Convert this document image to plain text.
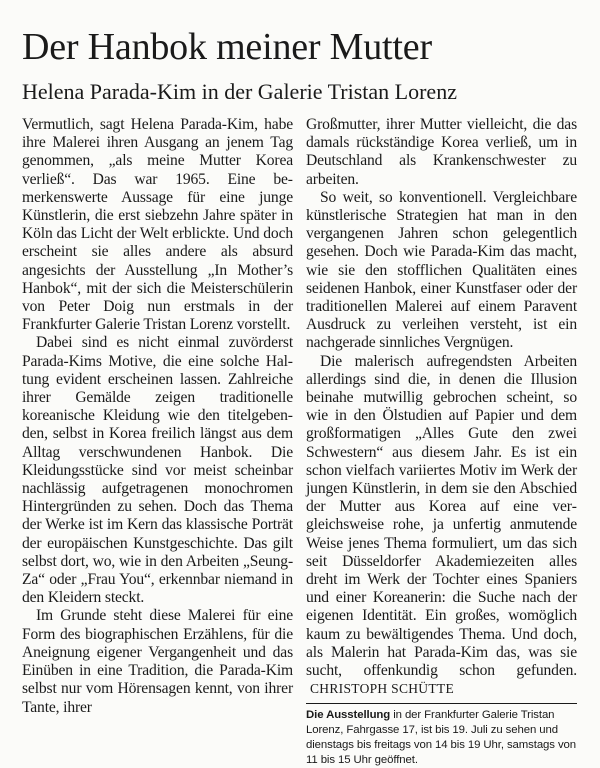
Der Hanbok meiner Mutter
Helena Parada-Kim in der Galerie Tristan Lorenz

Vermutlich, sagt Helena Parada-Kim, habe ihre Malerei ihren Ausgang an jenem Tag genommen, „als meine Mutter Korea verließ“. Das war 1965. Eine bemerkenswerte Aussage für eine junge Künstlerin, die erst siebzehn Jahre später in Köln das Licht der Welt erblickte. Und doch erscheint sie alles andere als absurd angesichts der Ausstellung „In Mother’s Hanbok“, mit der sich die Meisterschülerin von Peter Doig nun erstmals in der Frankfurter Galerie Tristan Lorenz vorstellt.

Dabei sind es nicht einmal zuvörderst Parada-Kims Motive, die eine solche Haltung evident erscheinen lassen. Zahlreiche ihrer Gemälde zeigen traditionelle koreanische Kleidung wie den titelgebenden, selbst in Korea freilich längst aus dem Alltag verschwundenen Hanbok. Die Kleidungsstücke sind vor meist scheinbar nachlässig aufgetragenen monochromen Hintergründen zu sehen. Doch das Thema der Werke ist im Kern das klassische Porträt der europäischen Kunstgeschichte. Das gilt selbst dort, wo, wie in den Arbeiten „Seung-Za“ oder „Frau You“, erkennbar niemand in den Kleidern steckt.

Im Grunde steht diese Malerei für eine Form des biographischen Erzählens, für die Aneignung eigener Vergangenheit und das Einüben in eine Tradition, die Parada-Kim selbst nur vom Hörensagen kennt, von ihrer Tante, ihrer

Großmutter, ihrer Mutter vielleicht, die das damals rückständige Korea verließ, um in Deutschland als Krankenschwester zu arbeiten.

So weit, so konventionell. Vergleichbare künstlerische Strategien hat man in den vergangenen Jahren schon gelegentlich gesehen. Doch wie Parada-Kim das macht, wie sie den stofflichen Qualitäten eines seidenen Hanbok, einer Kunstfaser oder der traditionellen Malerei auf einem Paravent Ausdruck zu verleihen versteht, ist ein nachgerade sinnliches Vergnügen.

Die malerisch aufregendsten Arbeiten allerdings sind die, in denen die Illusion beinahe mutwillig gebrochen scheint, so wie in den Ölstudien auf Papier und dem großformatigen „Alles Gute den zwei Schwestern“ aus diesem Jahr. Es ist ein schon vielfach variiertes Motiv im Werk der jungen Künstlerin, in dem sie den Abschied der Mutter aus Korea auf eine vergleichsweise rohe, ja unfertig anmutende Weise jenes Thema formuliert, um das sich seit Düsseldorfer Akademiezeiten alles dreht im Werk der Tochter eines Spaniers und einer Koreanerin: die Suche nach der eigenen Identität. Ein großes, womöglich kaum zu bewältigendes Thema. Und doch, als Malerin hat Parada-Kim das, was sie sucht, offenkundig schon gefunden. CHRISTOPH SCHÜTTE

Die Ausstellung in der Frankfurter Galerie Tristan Lorenz, Fahrgasse 17, ist bis 19. Juli zu sehen und dienstags bis freitags von 14 bis 19 Uhr, samstags von 11 bis 15 Uhr geöffnet.
